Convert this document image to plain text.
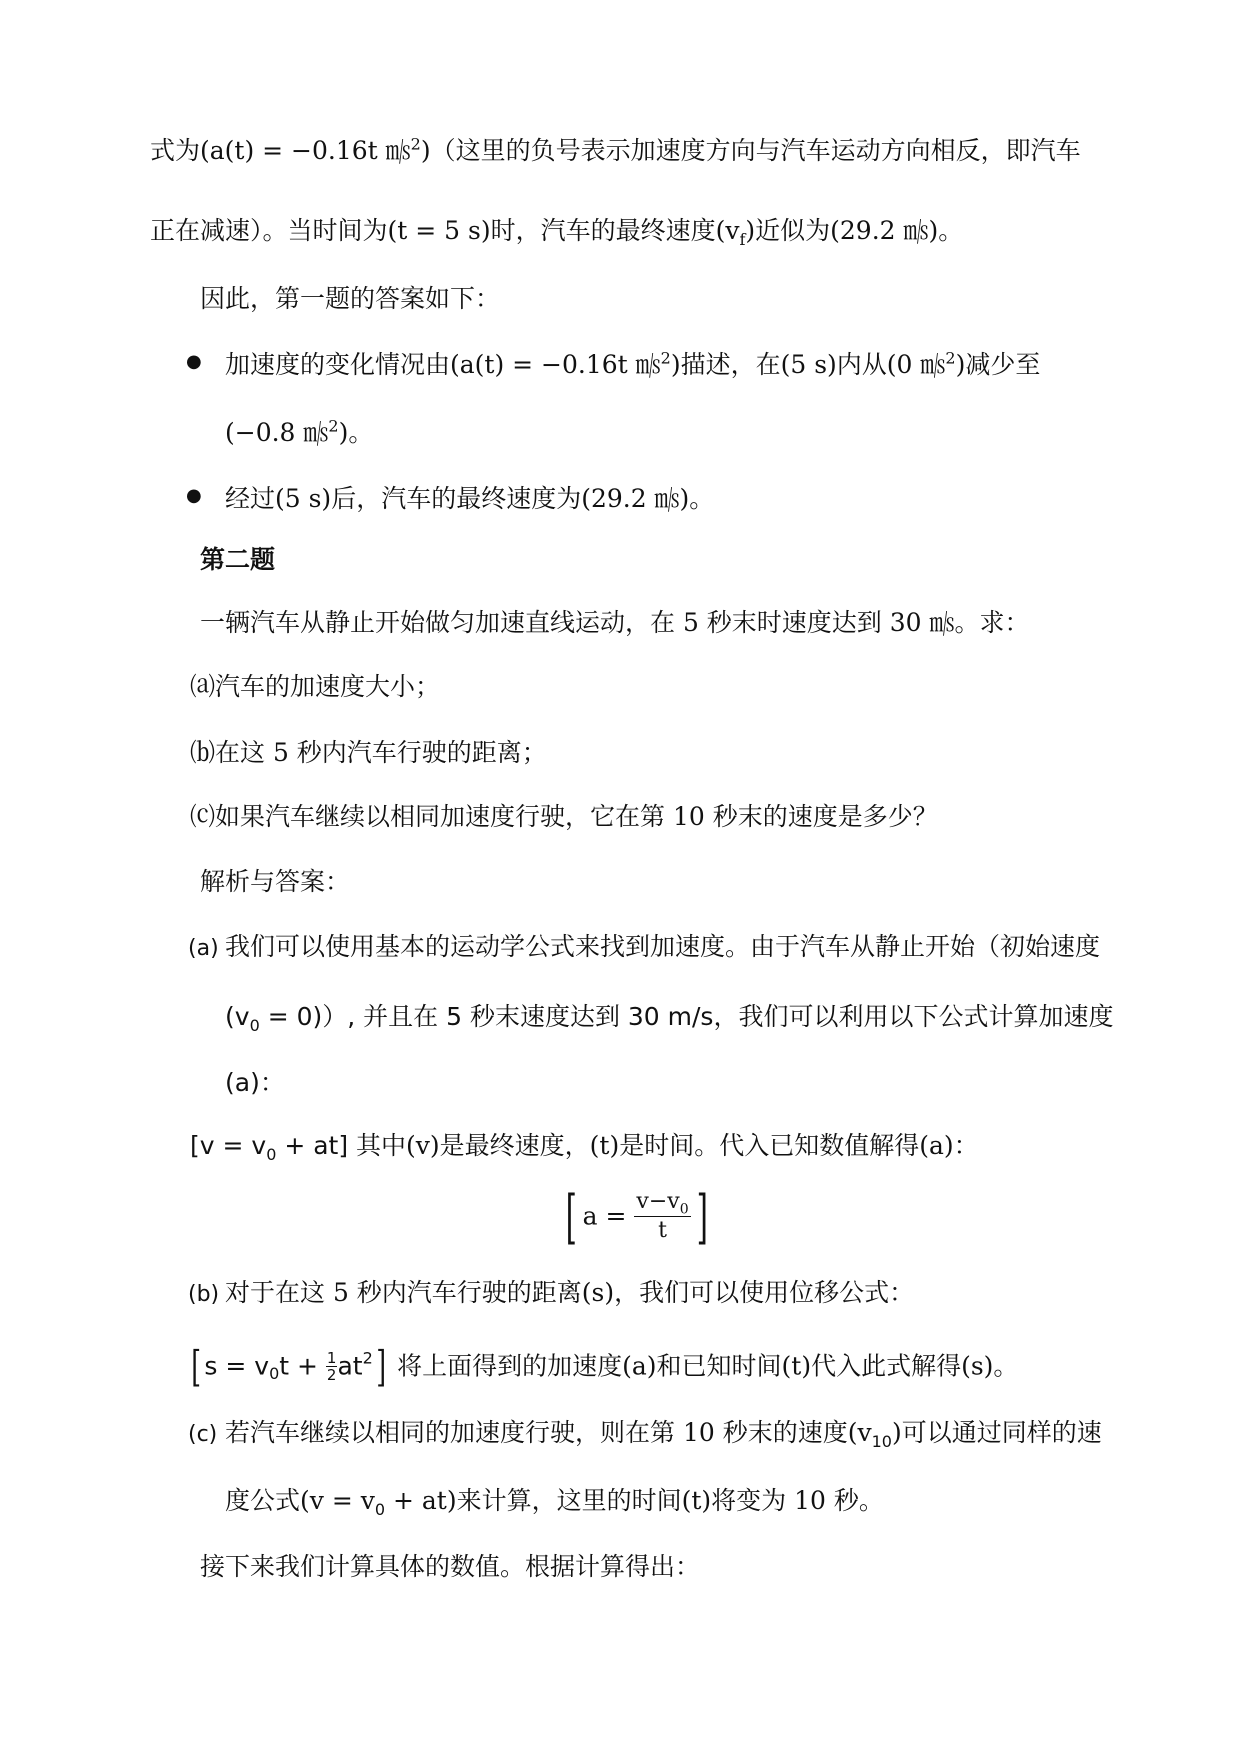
式为(a(t) = −0.16t ㎧$^2$)（这里的负号表示加速度方向与汽车运动方向相反，即汽车
正在减速）。当时间为(t = 5 s)时，汽车的最终速度$(v_f)$近似为(29.2 ㎧)。
因此，第一题的答案如下：
● 加速度的变化情况由(a(t) = −0.16t ㎧$^2$)描述，在(5 s)内从(0 ㎧$^2$)减少至
(−0.8 ㎧$^2$)。
● 经过(5 s)后，汽车的最终速度为(29.2 ㎧)。
第二题
一辆汽车从静止开始做匀加速直线运动，在 5 秒末时速度达到 30 ㎧。求：
⒜汽车的加速度大小；
⒝在这 5 秒内汽车行驶的距离；
⒞如果汽车继续以相同加速度行驶，它在第 10 秒末的速度是多少？
解析与答案：
(a) 我们可以使用基本的运动学公式来找到加速度。由于汽车从静止开始（初始速度
$(v_0 = 0)$）, 并且在 5 秒末速度达到 30 m/s，我们可以利用以下公式计算加速度
(a)：
$[v = v_0 + at]$ 其中(v)是最终速度，(t)是时间。代入已知数值解得(a)：
[ $a = \frac{v-v_0}{t}$ ]
(b) 对于在这 5 秒内汽车行驶的距离(s)，我们可以使用位移公式：
[ $s = v_0t + \frac{1}{2} at^2$] 将上面得到的加速度(a)和已知时间(t)代入此式解得(s)。
(c) 若汽车继续以相同的加速度行驶，则在第 10 秒末的速度$(v_{10})$可以通过同样的速
度公式$(v = v_0 + at)$来计算，这里的时间(t)将变为 10 秒。
接下来我们计算具体的数值。根据计算得出：
